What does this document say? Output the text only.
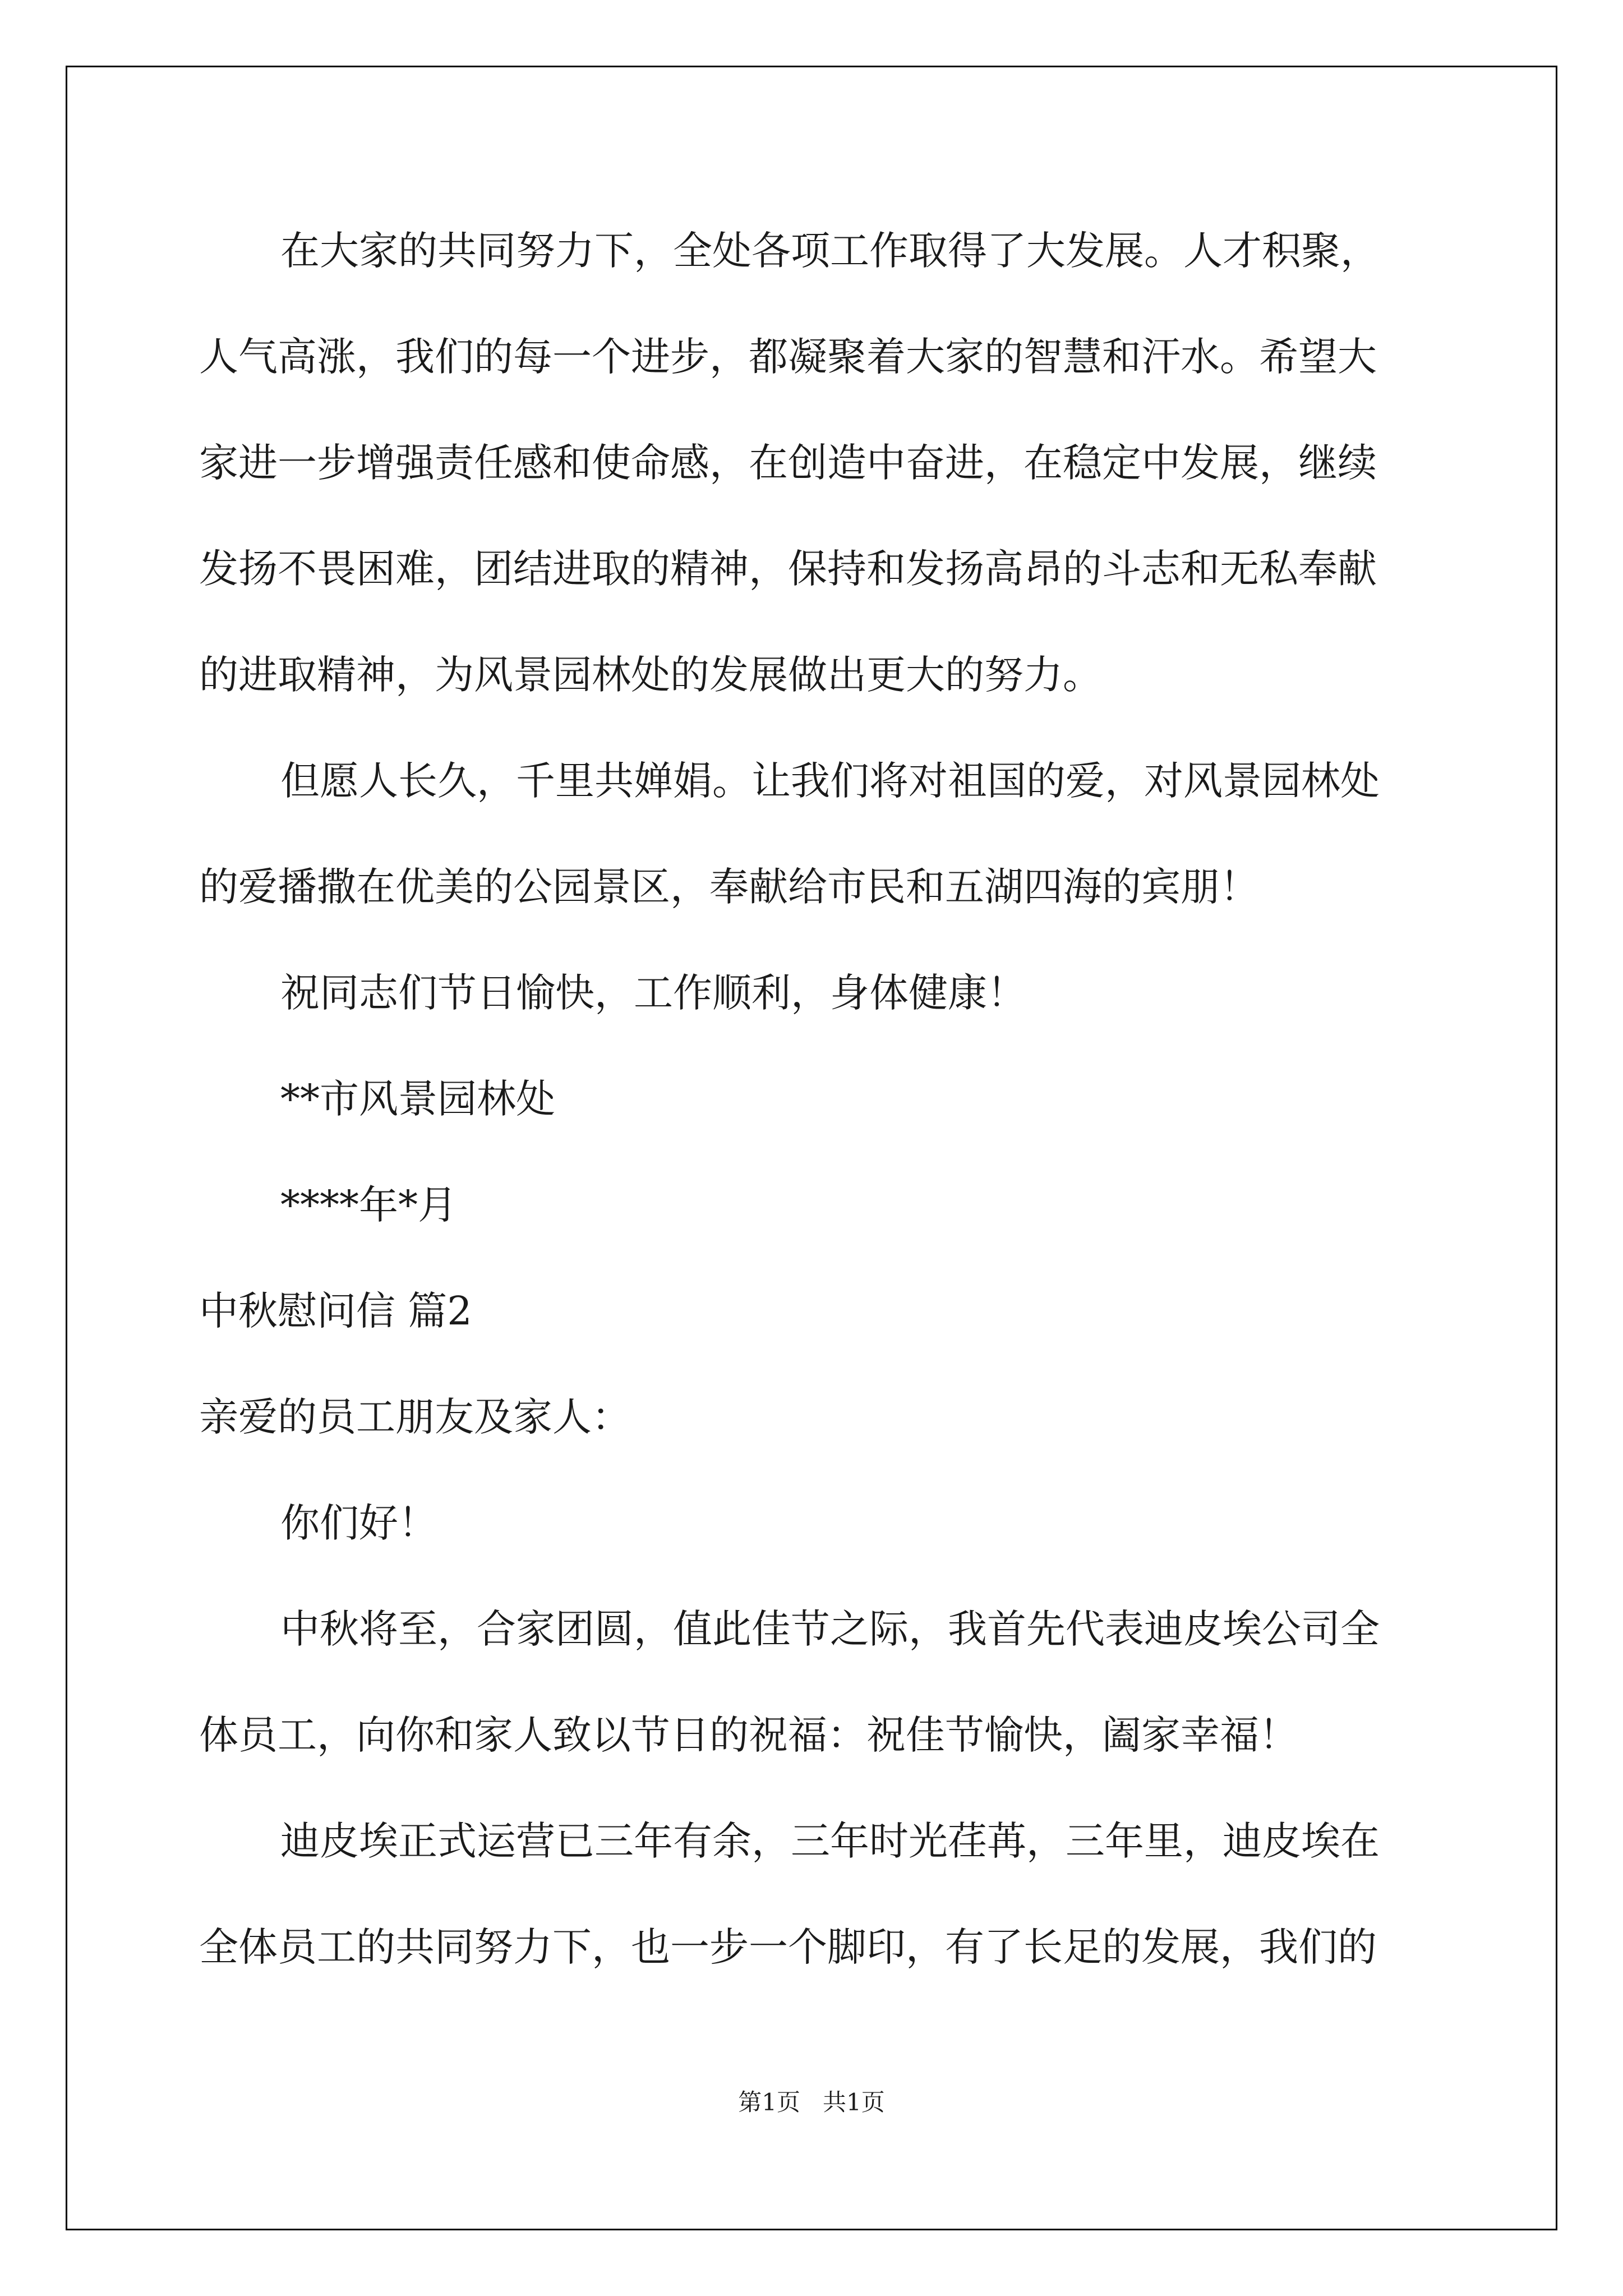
在大家的共同努力下，全处各项工作取得了大发展。人才积聚，
人气高涨，我们的每一个进步，都凝聚着大家的智慧和汗水。希望大
家进一步增强责任感和使命感，在创造中奋进，在稳定中发展，继续
发扬不畏困难，团结进取的精神，保持和发扬高昂的斗志和无私奉献
的进取精神，为风景园林处的发展做出更大的努力。
但愿人长久，千里共婵娟。让我们将对祖国的爱，对风景园林处
的爱播撒在优美的公园景区，奉献给市民和五湖四海的宾朋！
祝同志们节日愉快，工作顺利，身体健康！
**市风景园林处
****年*月
中秋慰问信 篇2
亲爱的员工朋友及家人：
你们好！
中秋将至，合家团圆，值此佳节之际，我首先代表迪皮埃公司全
体员工，向你和家人致以节日的祝福：祝佳节愉快，阖家幸福！
迪皮埃正式运营已三年有余，三年时光荏苒，三年里，迪皮埃在
全体员工的共同努力下，也一步一个脚印，有了长足的发展，我们的
第1页   共1页
